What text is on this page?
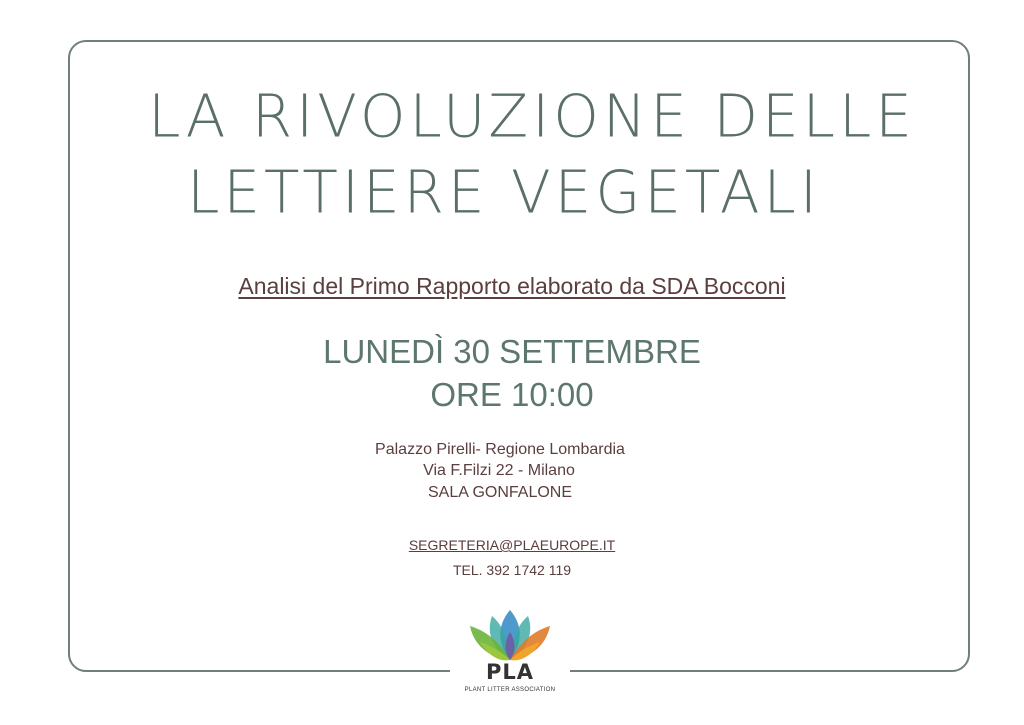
LA RIVOLUZIONE DELLE
LETTIERE VEGETALI
Analisi del Primo Rapporto elaborato da SDA Bocconi
LUNEDÌ 30 SETTEMBRE
ORE 10:00
Palazzo Pirelli- Regione Lombardia
Via F.Filzi 22 - Milano
SALA GONFALONE
SEGRETERIA@PLAEUROPE.IT
TEL. 392 1742 119
PLA
PLANT LITTER ASSOCIATION
